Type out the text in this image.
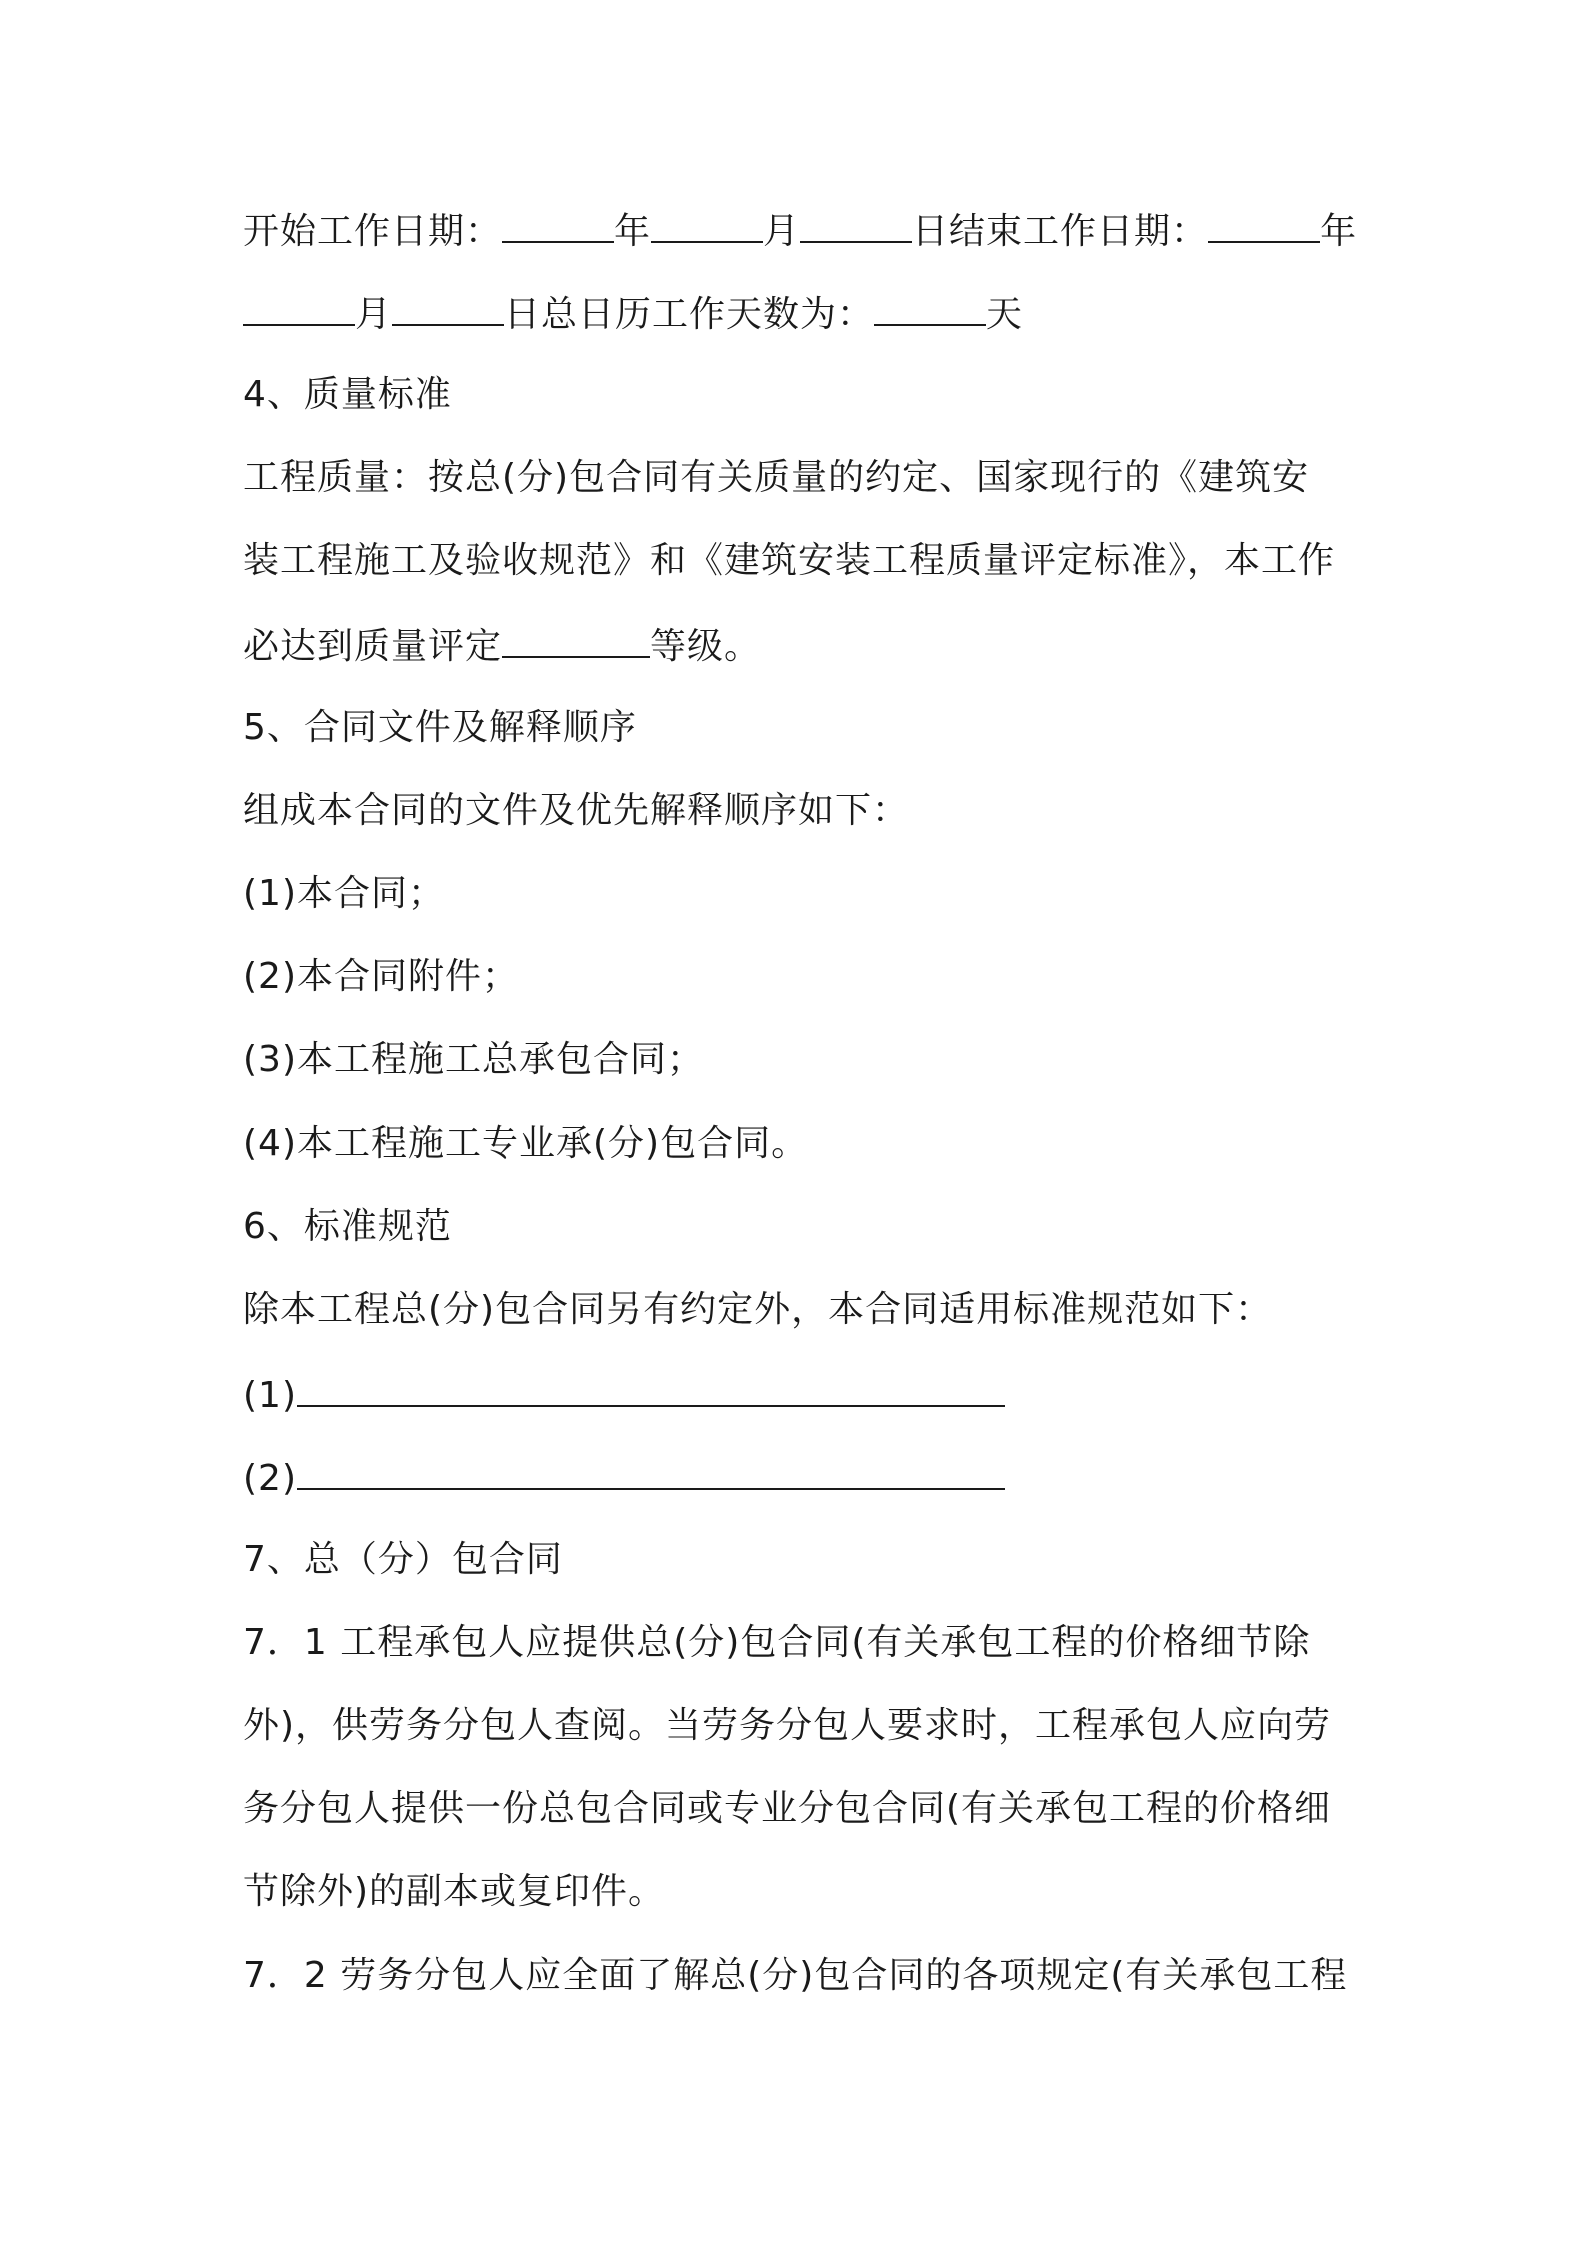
开始工作日期：	年	月	日结束工作日期：	年
月	日总日历工作天数为：	天
4、质量标准
工程质量：按总(分)包合同有关质量的约定、国家现行的《建筑安
装工程施工及验收规范》和《建筑安装工程质量评定标准》，本工作
必达到质量评定	等级。
5、合同文件及解释顺序
组成本合同的文件及优先解释顺序如下：
(1)本合同；
(2)本合同附件；
(3)本工程施工总承包合同；
(4)本工程施工专业承(分)包合同。
6、标准规范
除本工程总(分)包合同另有约定外，本合同适用标准规范如下：
(1)
(2)
7、总（分）包合同
7．1 工程承包人应提供总(分)包合同(有关承包工程的价格细节除
外)，供劳务分包人查阅。当劳务分包人要求时，工程承包人应向劳
务分包人提供一份总包合同或专业分包合同(有关承包工程的价格细
节除外)的副本或复印件。
7．2 劳务分包人应全面了解总(分)包合同的各项规定(有关承包工程
